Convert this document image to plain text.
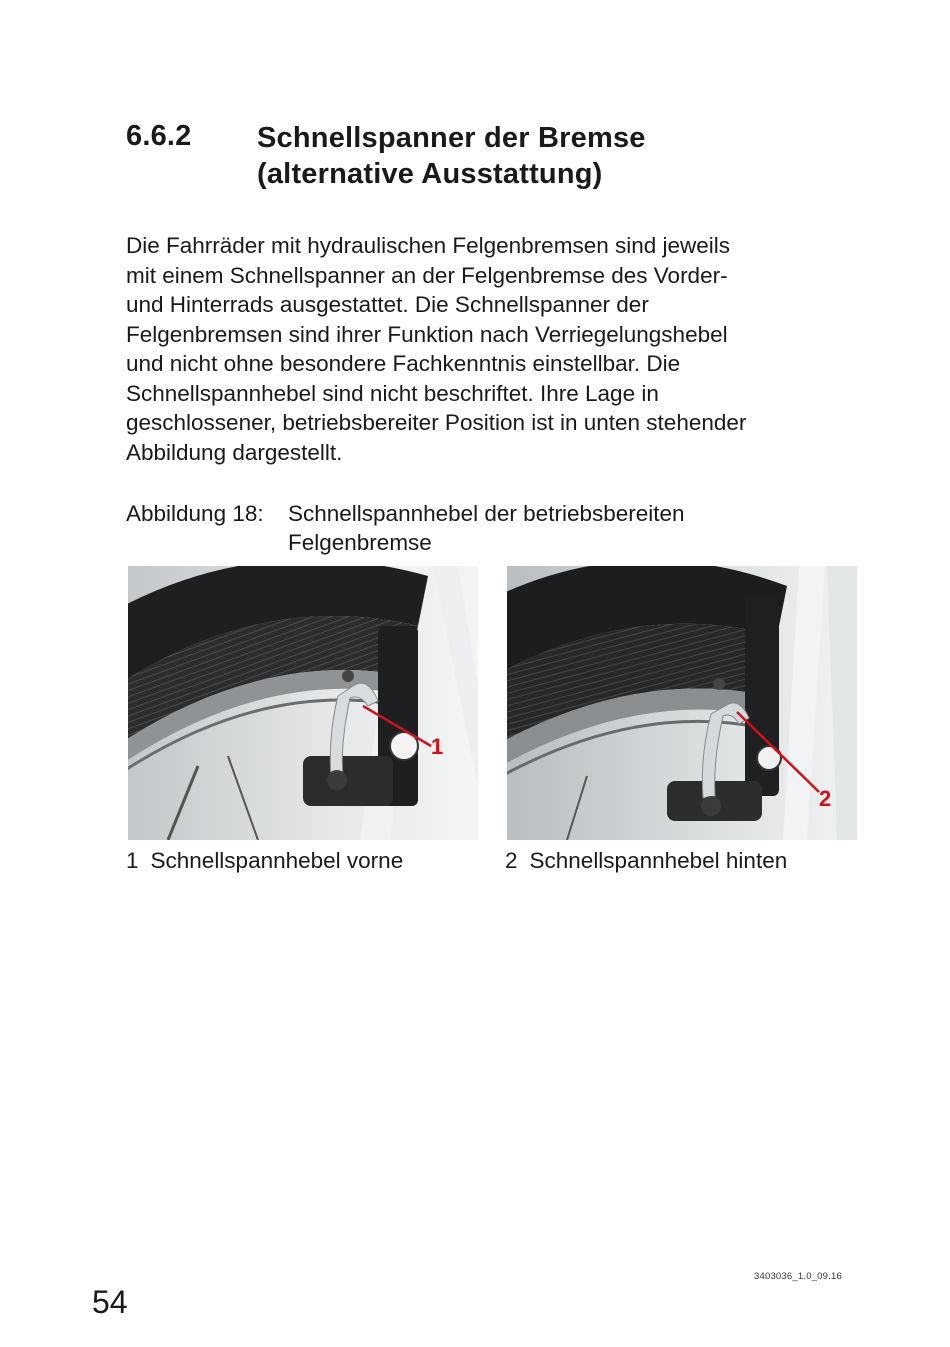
6.6.2 Schnellspanner der Bremse
(alternative Ausstattung)
Die Fahrräder mit hydraulischen Felgenbremsen sind jeweils
mit einem Schnellspanner an der Felgenbremse des Vorder-
und Hinterrads ausgestattet. Die Schnellspanner der
Felgenbremsen sind ihrer Funktion nach Verriegelungshebel
und nicht ohne besondere Fachkenntnis einstellbar. Die
Schnellspannhebel sind nicht beschriftet. Ihre Lage in
geschlossener, betriebsbereiter Position ist in unten stehender
Abbildung dargestellt.
Abbildung 18: Schnellspannhebel der betriebsbereiten
Felgenbremse
1
2
1 Schnellspannhebel vorne	2 Schnellspannhebel hinten
3403036_1.0_09.16
54
